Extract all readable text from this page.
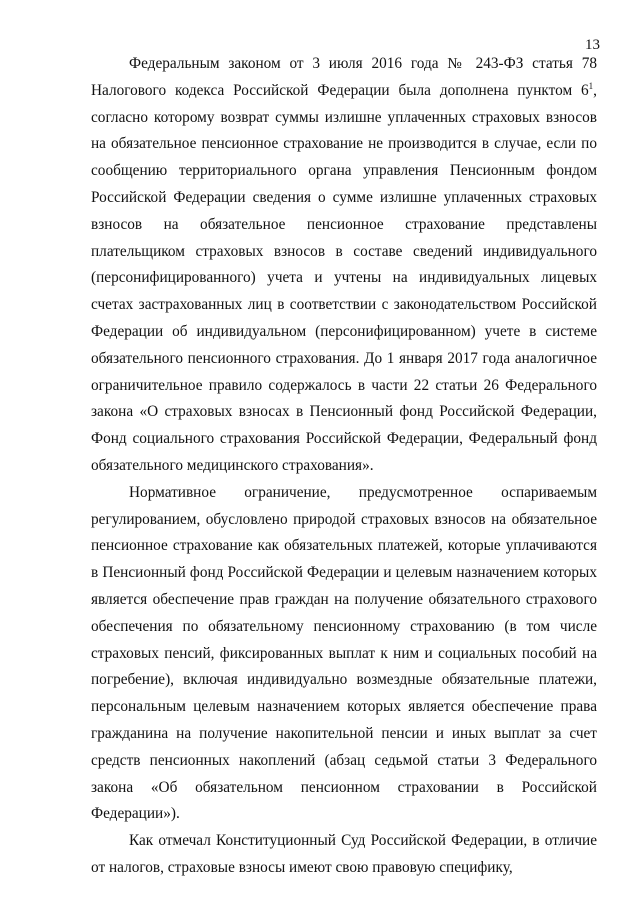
13

Федеральным законом от 3 июля 2016 года № 243-ФЗ статья 78 Налогового кодекса Российской Федерации была дополнена пунктом $6^1$, согласно которому возврат суммы излишне уплаченных страховых взносов на обязательное пенсионное страхование не производится в случае, если по сообщению территориального органа управления Пенсионным фондом Российской Федерации сведения о сумме излишне уплаченных страховых взносов на обязательное пенсионное страхование представлены плательщиком страховых взносов в составе сведений индивидуального (персонифицированного) учета и учтены на индивидуальных лицевых счетах застрахованных лиц в соответствии с законодательством Российской Федерации об индивидуальном (персонифицированном) учете в системе обязательного пенсионного страхования. До 1 января 2017 года аналогичное ограничительное правило содержалось в части 22 статьи 26 Федерального закона «О страховых взносах в Пенсионный фонд Российской Федерации, Фонд социального страхования Российской Федерации, Федеральный фонд обязательного медицинского страхования».

Нормативное ограничение, предусмотренное оспариваемым регулированием, обусловлено природой страховых взносов на обязательное пенсионное страхование как обязательных платежей, которые уплачиваются в Пенсионный фонд Российской Федерации и целевым назначением которых является обеспечение прав граждан на получение обязательного страхового обеспечения по обязательному пенсионному страхованию (в том числе страховых пенсий, фиксированных выплат к ним и социальных пособий на погребение), включая индивидуально возмездные обязательные платежи, персональным целевым назначением которых является обеспечение права гражданина на получение накопительной пенсии и иных выплат за счет средств пенсионных накоплений (абзац седьмой статьи 3 Федерального закона «Об обязательном пенсионном страховании в Российской Федерации»).

Как отмечал Конституционный Суд Российской Федерации, в отличие от налогов, страховые взносы имеют свою правовую специфику,
